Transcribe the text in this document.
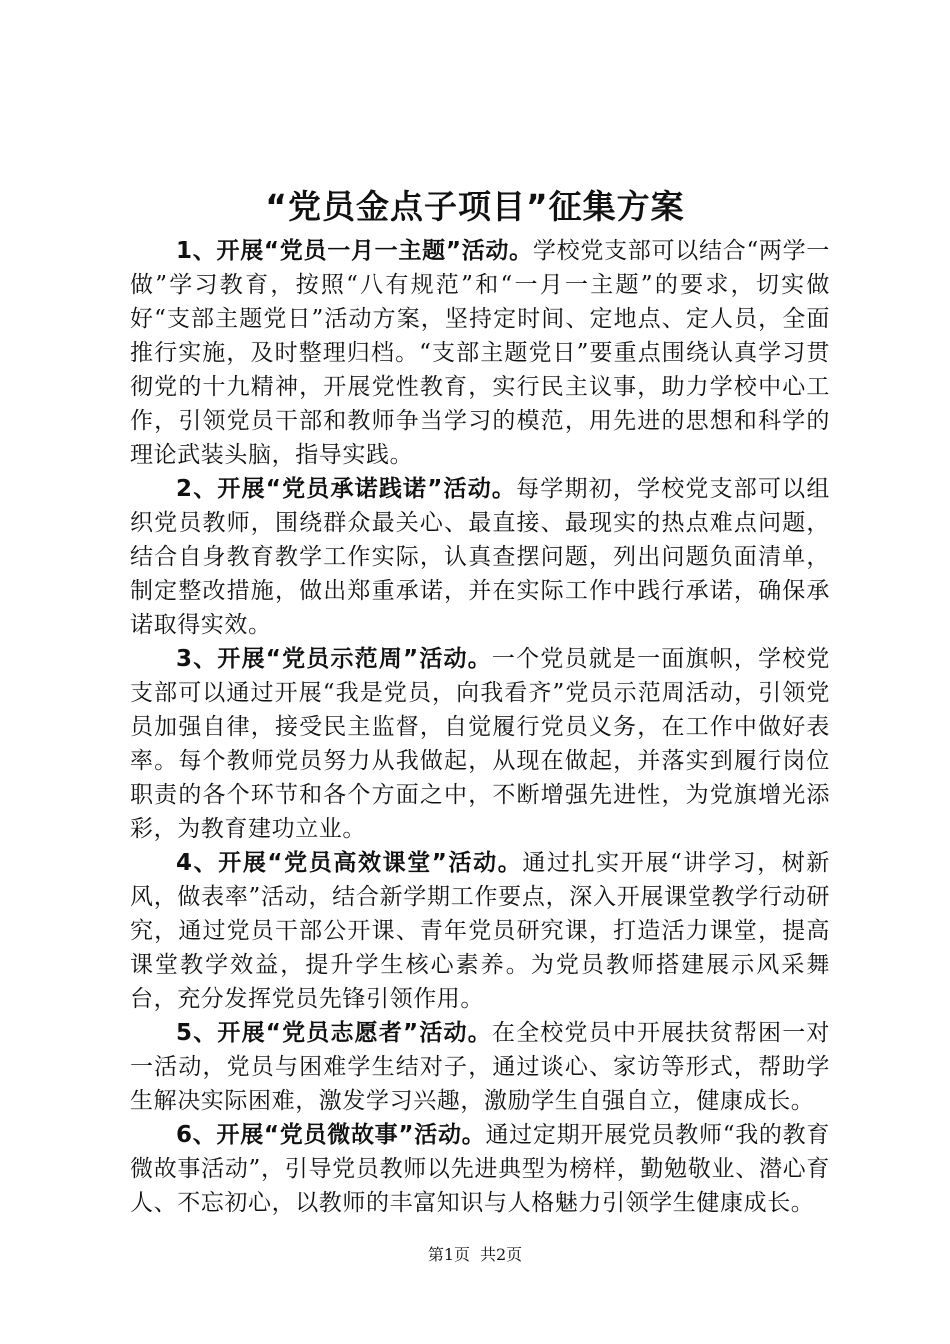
“党员金点子项目”征集方案

1、开展“党员一月一主题”活动。学校党支部可以结合“两学一做”学习教育，按照“八有规范”和“一月一主题”的要求，切实做好“支部主题党日”活动方案，坚持定时间、定地点、定人员，全面推行实施，及时整理归档。“支部主题党日”要重点围绕认真学习贯彻党的十九精神，开展党性教育，实行民主议事，助力学校中心工作，引领党员干部和教师争当学习的模范，用先进的思想和科学的理论武装头脑，指导实践。

2、开展“党员承诺践诺”活动。每学期初，学校党支部可以组织党员教师，围绕群众最关心、最直接、最现实的热点难点问题，结合自身教育教学工作实际，认真查摆问题，列出问题负面清单，制定整改措施，做出郑重承诺，并在实际工作中践行承诺，确保承诺取得实效。

3、开展“党员示范周”活动。一个党员就是一面旗帜，学校党支部可以通过开展“我是党员，向我看齐”党员示范周活动，引领党员加强自律，接受民主监督，自觉履行党员义务，在工作中做好表率。每个教师党员努力从我做起，从现在做起，并落实到履行岗位职责的各个环节和各个方面之中，不断增强先进性，为党旗增光添彩，为教育建功立业。

4、开展“党员高效课堂”活动。通过扎实开展“讲学习，树新风，做表率”活动，结合新学期工作要点，深入开展课堂教学行动研究，通过党员干部公开课、青年党员研究课，打造活力课堂，提高课堂教学效益，提升学生核心素养。为党员教师搭建展示风采舞台，充分发挥党员先锋引领作用。

5、开展“党员志愿者”活动。在全校党员中开展扶贫帮困一对一活动，党员与困难学生结对子，通过谈心、家访等形式，帮助学生解决实际困难，激发学习兴趣，激励学生自强自立，健康成长。

6、开展“党员微故事”活动。通过定期开展党员教师“我的教育微故事活动”，引导党员教师以先进典型为榜样，勤勉敬业、潜心育人、不忘初心，以教师的丰富知识与人格魅力引领学生健康成长。

第1页 共2页
